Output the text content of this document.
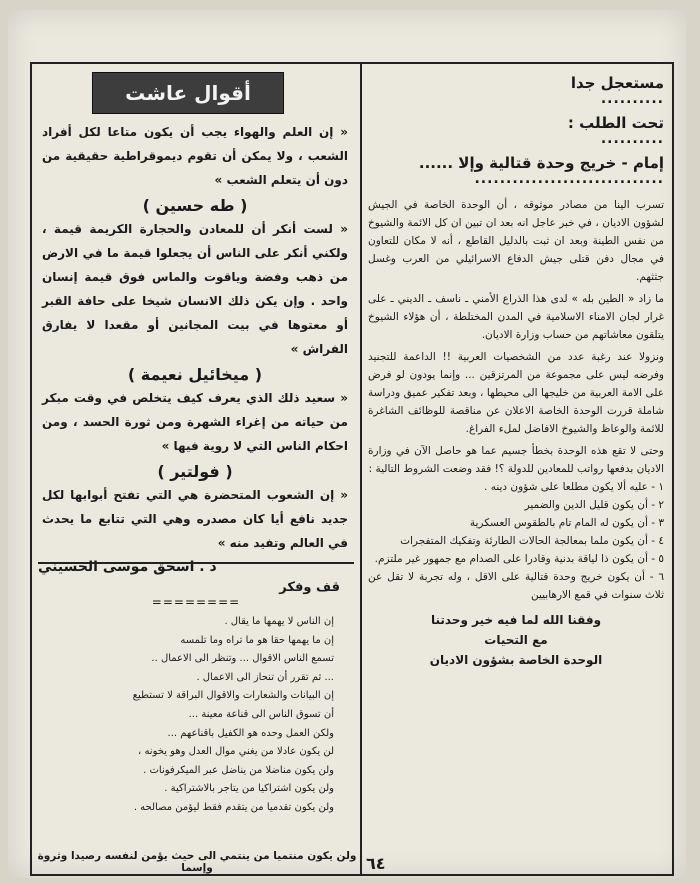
مستعجل جدا
..........
تحت الطلب :
..........
إمام - خريج وحدة قتالية وإلا ......
..............................

تسرب الينا من مصادر موثوقه ، أن الوحدة الخاصة في الجيش لشؤون الاديان ، في خبر عاجل انه بعد ان تبين ان كل الائمة والشيوخ من نفس الطينة وبعد ان ثبت بالدليل القاطع ، أنه لا مكان للتعاون في مجال دفن قتلى جيش الدفاع الاسرائيلي من العرب وغسل جثثهم.

ما زاد « الطين بله » لدى هذا الذراع الأمني ـ ناسف ـ الديني ـ على غرار لجان الامناء الاسلامية في المدن المختلطة ، أن هؤلاء الشيوخ يتلقون معاشاتهم من حساب وزارة الاديان.

ونزولا عند رغبة عدد من الشخصيات العربية !! الداعمة للتجنيد وفرضه ليس على مجموعة من المرتزقين ... وإنما يودون لو فرض على الامة العربية من خليجها الى محيطها ، وبعد تفكير عميق ودراسة شاملة قررت الوحدة الخاصة الاعلان عن مناقصة للوظائف الشاغرة للائمة والوعاظ والشيوخ الافاضل لملء الفراغ.

وحتى لا تقع هذه الوحدة بخطأ جسيم عما هو حاصل الآن في وزارة الاديان بدفعها رواتب للمعادين للدولة ؟! فقد وضعت الشروط التالية :

١ - عليه ألا يكون مطلعا على شؤون دينه .

٢ - أن يكون قليل الدين والضمير

٣ - أن يكون له المام تام بالطقوس العسكرية

٤ - أن يكون ملما بمعالجة الحالات الطارئة وتفكيك المتفجرات

٥ - أن يكون ذا لياقة بدنية وقادرا على الصدام مع جمهور غير ملتزم.

٦ - أن يكون خريج وحدة قتالية على الاقل ، وله تجربة لا تقل عن ثلاث سنوات في قمع الارهابيين

وفقنا الله لما فيه خير وحدتنا
مع التحيات
الوحدة الخاصة بشؤون الاديان
أقوال عاشت

« إن العلم والهواء يجب أن يكون متاعا لكل أفراد الشعب ، ولا يمكن أن تقوم ديموقراطية حقيقية من دون أن يتعلم الشعب »

( طه حسين )

« لست أنكر أن للمعادن والحجارة الكريمة قيمة ، ولكني أنكر على الناس أن يجعلوا قيمة ما في الارض من ذهب وفضة وياقوت والماس فوق قيمة إنسان واحد . وإن يكن ذلك الانسان شيخا على حافة القبر أو معتوها في بيت المجانين أو مقعدا لا يفارق الفراش »

( ميخائيل نعيمة )

« سعيد ذلك الذي يعرف كيف يتخلص في وقت مبكر من حياته من إغراء الشهرة ومن ثورة الحسد ، ومن احكام الناس التي لا روية فيها »

( فولتير )

« إن الشعوب المتحضرة هي التي تفتح أبوابها لكل جديد نافع أيا كان مصدره وهي التي تتابع ما يحدث في العالم وتفيد منه »

د . اسحق موسى الحسيني
قف وفكر
========

إن الناس لا يهمها ما يقال .

إن ما يهمها حقا هو ما تراه وما تلمسه

تسمع الناس الاقوال ... وتنظر الى الاعمال ..

... ثم تقرر أن تنحاز الى الاعمال .

إن البيانات والشعارات والاقوال البراقة لا تستطيع

أن تسوق الناس الى قناعة معينة ...

ولكن العمل وحده هو الكفيل باقناعهم ...

لن يكون عادلا من يغني موال العدل وهو يخونه ،

ولن يكون مناضلا من يناضل عبر الميكرفونات .

ولن يكون اشتراكيا من يتاجر بالاشتراكية .

ولن يكون تقدميا من يتقدم فقط ليؤمن مصالحه .

ولن يكون منتميا من ينتمي الى حيث يؤمن لنفسه رصيدا وثروة وإسما	٦٤
